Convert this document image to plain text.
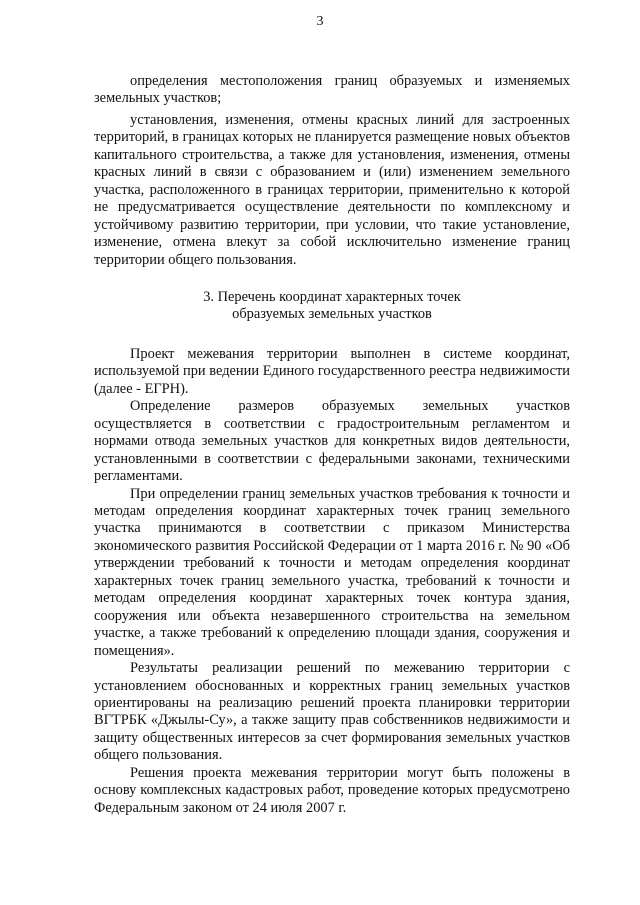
3

определения местоположения границ образуемых и изменяемых земельных участков;

установления, изменения, отмены красных линий для застроенных территорий, в границах которых не планируется размещение новых объектов капитального строительства, а также для установления, изменения, отмены красных линий в связи с образованием и (или) изменением земельного участка, расположенного в границах территории, применительно к которой не предусматривается осуществление деятельности по комплексному и устойчивому развитию территории, при условии, что такие установление, изменение, отмена влекут за собой исключительно изменение границ территории общего пользования.

3. Перечень координат характерных точек
образуемых земельных участков

Проект межевания территории выполнен в системе координат, используемой при ведении Единого государственного реестра недвижимости (далее - ЕГРН).

Определение размеров образуемых земельных участков осуществляется в соответствии с градостроительным регламентом и нормами отвода земельных участков для конкретных видов деятельности, установленными в соответствии с федеральными законами, техническими регламентами.

При определении границ земельных участков требования к точности и методам определения координат характерных точек границ земельного участка принимаются в соответствии с приказом Министерства экономического развития Российской Федерации от 1 марта 2016 г. № 90 «Об утверждении требований к точности и методам определения координат характерных точек границ земельного участка, требований к точности и методам определения координат характерных точек контура здания, сооружения или объекта незавершенного строительства на земельном участке, а также требований к определению площади здания, сооружения и помещения».

Результаты реализации решений по межеванию территории с установлением обоснованных и корректных границ земельных участков ориентированы на реализацию решений проекта планировки территории ВГТРБК «Джылы-Су», а также защиту прав собственников недвижимости и защиту общественных интересов за счет формирования земельных участков общего пользования.

Решения проекта межевания территории могут быть положены в основу комплексных кадастровых работ, проведение которых предусмотрено Федеральным законом от 24 июля 2007 г.
